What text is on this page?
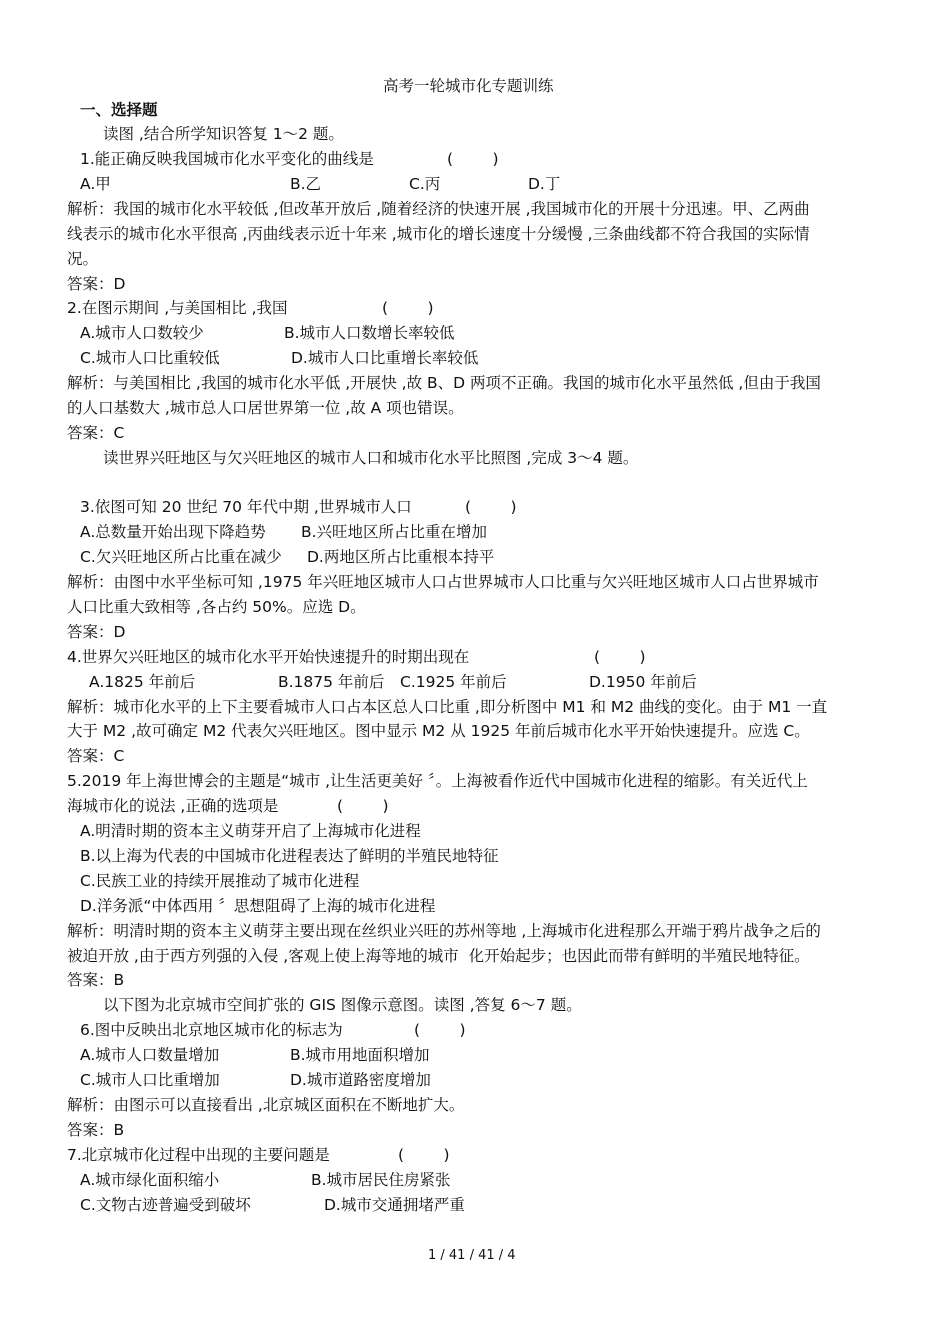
高考一轮城市化专题训练
一、选择题
读图 ,结合所学知识答复 1～2 题。
1.能正确反映我国城市化水平变化的曲线是	(        )
A.甲	B.乙	C.丙	D.丁
解析：我国的城市化水平较低 ,但改革开放后 ,随着经济的快速开展 ,我国城市化的开展十分迅速。甲、乙两曲
线表示的城市化水平很高 ,丙曲线表示近十年来 ,城市化的增长速度十分缓慢 ,三条曲线都不符合我国的实际情
况。
答案：D
2.在图示期间 ,与美国相比 ,我国	(        )
A.城市人口数较少	B.城市人口数增长率较低
C.城市人口比重较低	D.城市人口比重增长率较低
解析：与美国相比 ,我国的城市化水平低 ,开展快 ,故 B、D 两项不正确。我国的城市化水平虽然低 ,但由于我国
的人口基数大 ,城市总人口居世界第一位 ,故 A 项也错误。
答案：C
读世界兴旺地区与欠兴旺地区的城市人口和城市化水平比照图 ,完成 3～4 题。
3.依图可知 20 世纪 70 年代中期 ,世界城市人口	(        )
A.总数量开始出现下降趋势 B.兴旺地区所占比重在增加
C.欠兴旺地区所占比重在减少 D.两地区所占比重根本持平
解析：由图中水平坐标可知 ,1975 年兴旺地区城市人口占世界城市人口比重与欠兴旺地区城市人口占世界城市
人口比重大致相等 ,各占约 50%。应选 D。
答案：D
4.世界欠兴旺地区的城市化水平开始快速提升的时期出现在	(        )
A.1825 年前后	B.1875 年前后 C.1925 年前后	D.1950 年前后
解析：城市化水平的上下主要看城市人口占本区总人口比重 ,即分析图中 M1 和 M2 曲线的变化。由于 M1 一直
大于 M2 ,故可确定 M2 代表欠兴旺地区。图中显示 M2 从 1925 年前后城市化水平开始快速提升。应选 C。
答案：C
5.2019 年上海世博会的主题是“城市 ,让生活更美好 〞。上海被看作近代中国城市化进程的缩影。有关近代上
海城市化的说法 ,正确的选项是	(        )
A.明清时期的资本主义萌芽开启了上海城市化进程
B.以上海为代表的中国城市化进程表达了鲜明的半殖民地特征
C.民族工业的持续开展推动了城市化进程
D.洋务派“中体西用 〞思想阻碍了上海的城市化进程
解析：明清时期的资本主义萌芽主要出现在丝织业兴旺的苏州等地 ,上海城市化进程那么开端于鸦片战争之后的
被迫开放 ,由于西方列强的入侵 ,客观上使上海等地的城市  化开始起步；也因此而带有鲜明的半殖民地特征。
答案：B
以下图为北京城市空间扩张的 GIS 图像示意图。读图 ,答复 6～7 题。
6.图中反映出北京地区城市化的标志为	(        )
A.城市人口数量增加	B.城市用地面积增加
C.城市人口比重增加	D.城市道路密度增加
解析：由图示可以直接看出 ,北京城区面积在不断地扩大。
答案：B
7.北京城市化过程中出现的主要问题是	(        )
A.城市绿化面积缩小	B.城市居民住房紧张
C.文物古迹普遍受到破坏	D.城市交通拥堵严重
1 / 41 / 41 / 4
